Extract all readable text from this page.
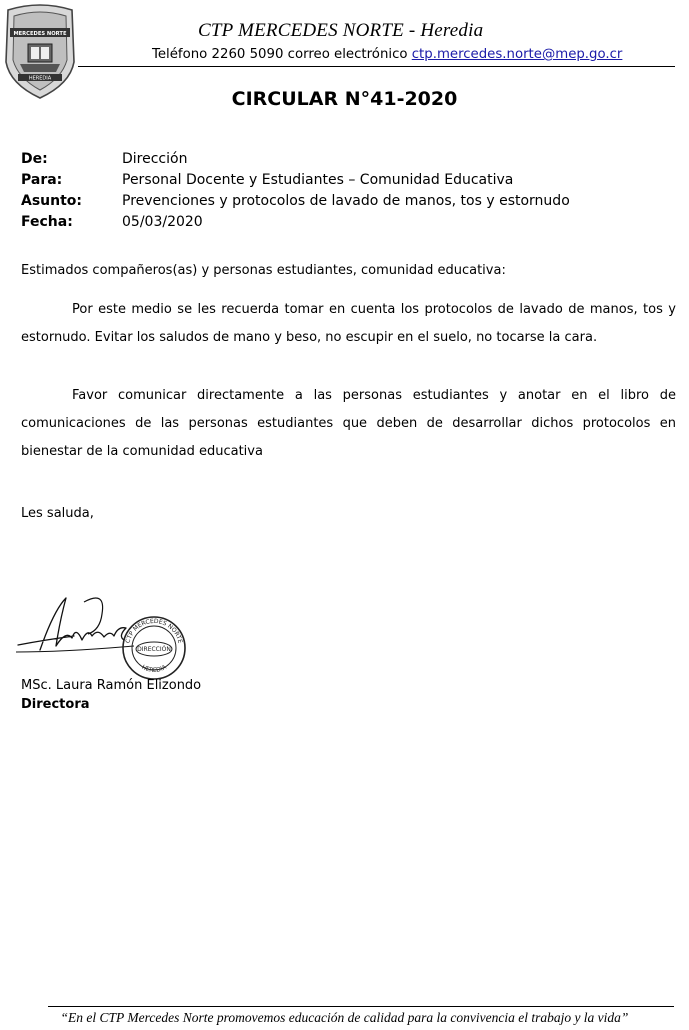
MERCEDES NORTE
HEREDIA
CTP MERCEDES NORTE - Heredia
Teléfono 2260 5090 correo electrónico ctp.mercedes.norte@mep.go.cr
CIRCULAR N°41-2020
De:	Dirección
Para:	Personal Docente y Estudiantes – Comunidad Educativa
Asunto:	Prevenciones y protocolos de lavado de manos, tos y estornudo
Fecha:	05/03/2020
Estimados compañeros(as) y personas estudiantes, comunidad educativa:
Por este medio se les recuerda tomar en cuenta los protocolos de lavado de manos, tos y estornudo. Evitar los saludos de mano y beso, no escupir en el suelo, no tocarse la cara.
Favor comunicar directamente a las personas estudiantes y anotar en el libro de comunicaciones de las personas estudiantes que deben de desarrollar dichos protocolos en bienestar de la comunidad educativa
Les saluda,
CTP MERCEDES NORTE
HEREDIA
DIRECCIÓN
MSc. Laura Ramón Elizondo
Directora
“En el CTP Mercedes Norte promovemos educación de calidad para la convivencia el trabajo y la vida”
